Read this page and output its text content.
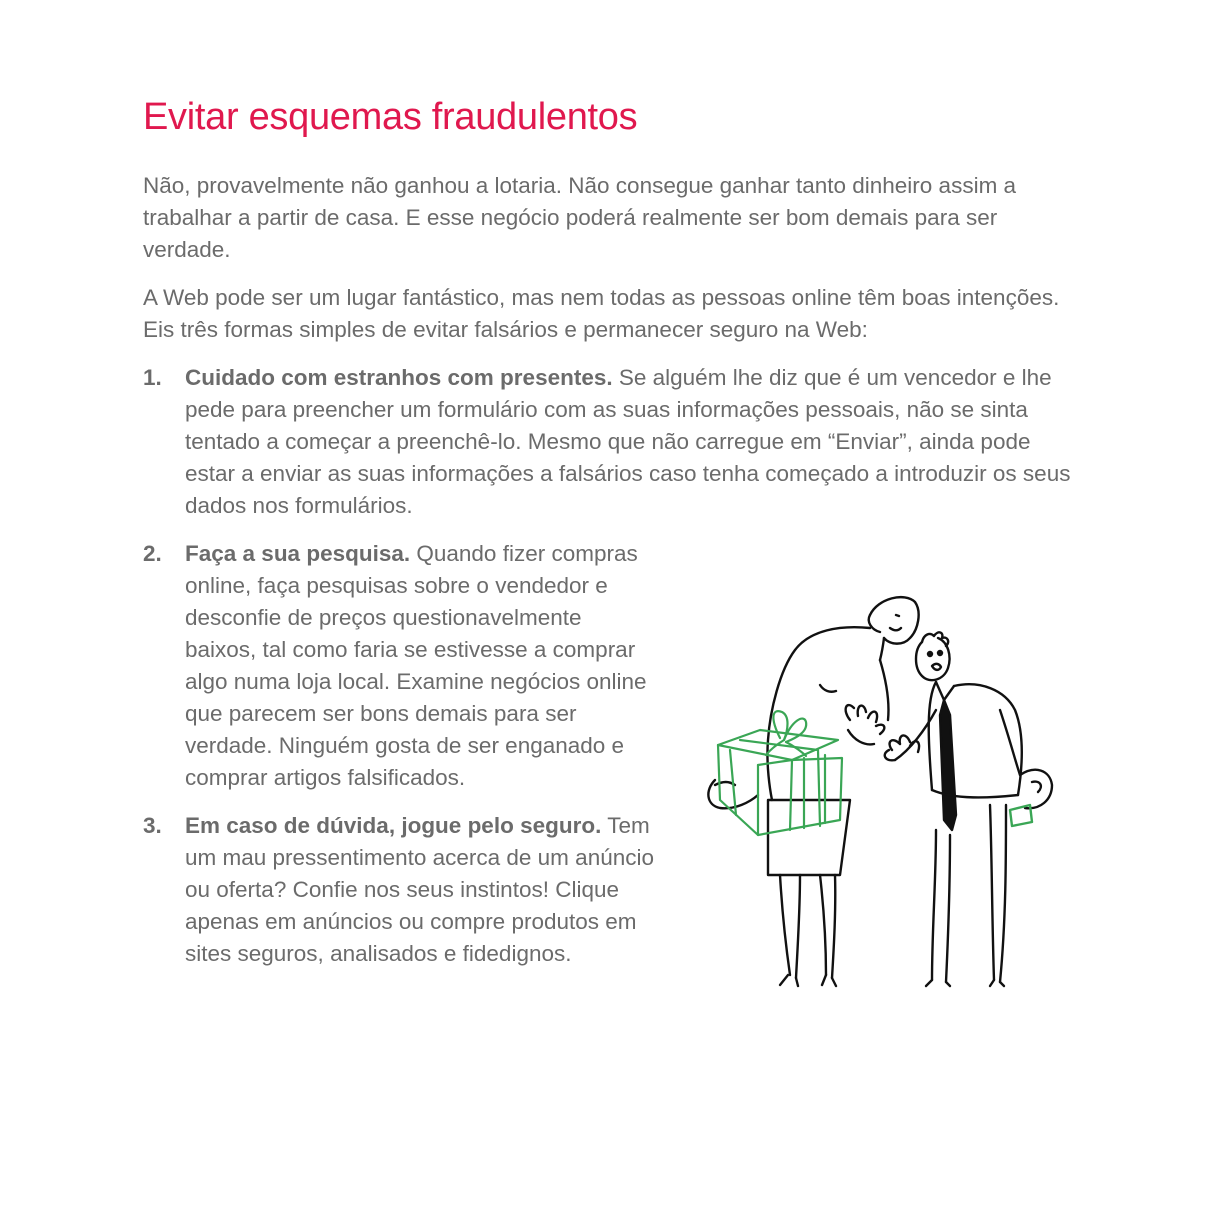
Evitar esquemas fraudulentos

Não, provavelmente não ganhou a lotaria. Não consegue ganhar tanto dinheiro assim a trabalhar a partir de casa. E esse negócio poderá realmente ser bom demais para ser verdade.

A Web pode ser um lugar fantástico, mas nem todas as pessoas online têm boas intenções. Eis três formas simples de evitar falsários e permanecer seguro na Web:

1. Cuidado com estranhos com presentes. Se alguém lhe diz que é um vencedor e lhe pede para preencher um formulário com as suas informações pessoais, não se sinta tentado a começar a preenchê-lo. Mesmo que não carregue em “Enviar”, ainda pode estar a enviar as suas informações a falsários caso tenha começado a introduzir os seus dados nos formulários.
2. Faça a sua pesquisa. Quando fizer compras online, faça pesquisas sobre o vendedor e desconfie de preços questionavelmente baixos, tal como faria se estivesse a comprar algo numa loja local. Examine negócios online que parecem ser bons demais para ser verdade. Ninguém gosta de ser enganado e comprar artigos falsificados.
3. Em caso de dúvida, jogue pelo seguro. Tem um mau pressentimento acerca de um anúncio ou oferta? Confie nos seus instintos! Clique apenas em anúncios ou compre produtos em sites seguros, analisados e fidedignos.
